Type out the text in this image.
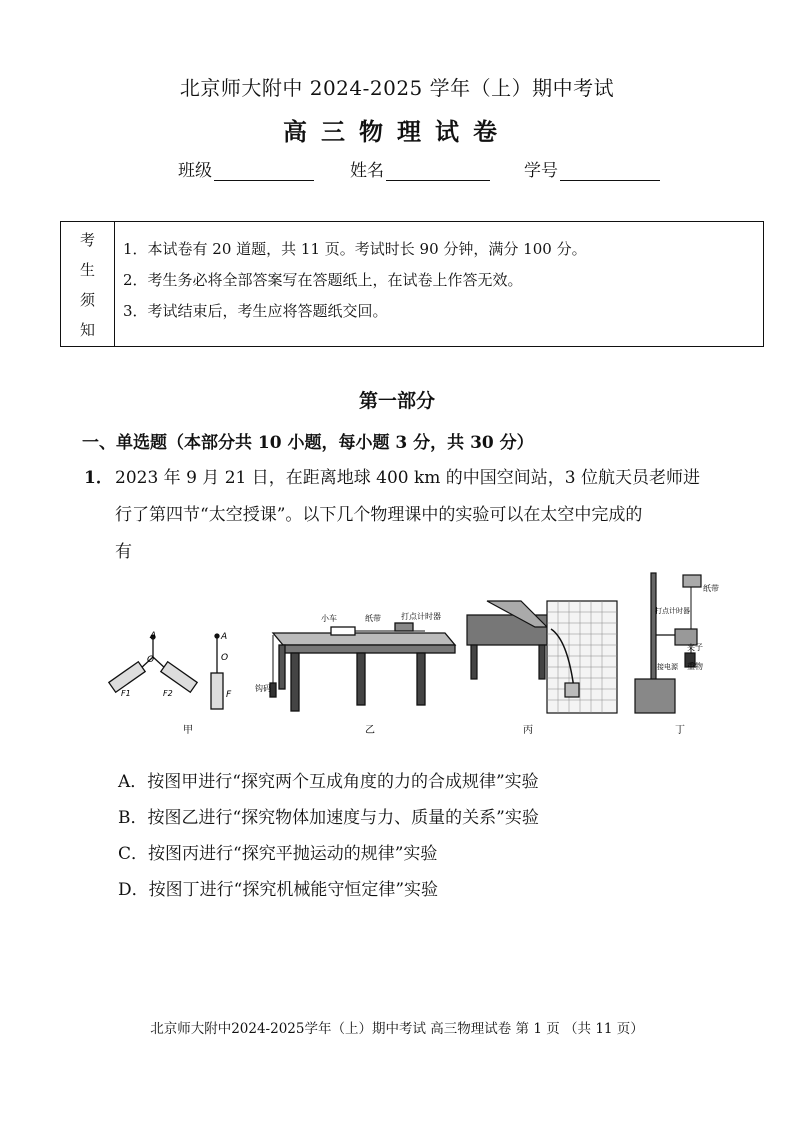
北京师大附中 2024-2025 学年（上）期中考试
高三物理试卷
班级	姓名	学号
考
生
须
知
1．本试卷有 20 道题，共 11 页。考试时长 90 分钟，满分 100 分。
2．考生务必将全部答案写在答题纸上，在试卷上作答无效。
3．考试结束后，考生应将答题纸交回。
第一部分
一、单选题（本部分共 10 小题，每小题 3 分，共 30 分）
1． 2023 年 9 月 21 日，在距离地球 400 km 的中国空间站，3 位航天员老师进
行了第四节“太空授课”。以下几个物理课中的实验可以在太空中完成的
有
A
O
F1	F2
A
O
F
甲
小车	纸带	打点计时器
钩码
乙	丙
纸带
打点计时器
夹子
重物
接电源
丁
A．按图甲进行“探究两个互成角度的力的合成规律”实验
B．按图乙进行“探究物体加速度与力、质量的关系”实验
C．按图丙进行“探究平抛运动的规律”实验
D．按图丁进行“探究机械能守恒定律”实验
北京师大附中2024-2025学年（上）期中考试 高三物理试卷 第 1 页 （共 11 页）
